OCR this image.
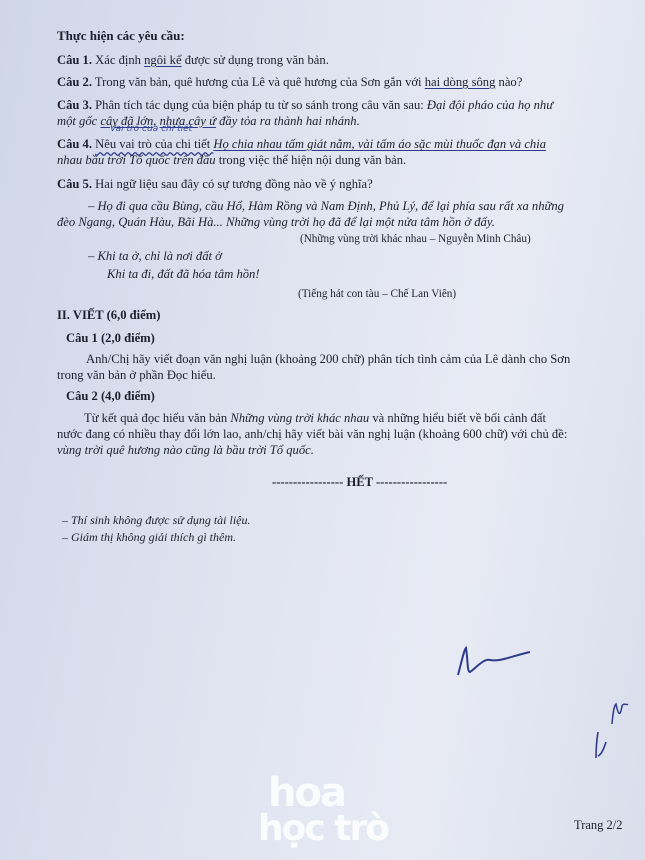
Thực hiện các yêu cầu:
Câu 1. Xác định ngôi kể được sử dụng trong văn bản.
Câu 2. Trong văn bản, quê hương của Lê và quê hương của Sơn gắn với hai dòng sông nào?
Câu 3. Phân tích tác dụng của biện pháp tu từ so sánh trong câu văn sau: Đại đội pháo của họ như
một gốc cây đã lớn, nhựa cây ứ đầy tỏa ra thành hai nhánh.
Vai trò của chi tiết
Câu 4. Nêu vai trò của chi tiết Họ chia nhau tấm giát nằm, vài tấm áo sặc mùi thuốc đạn và chia
nhau bầu trời Tổ quốc trên đầu trong việc thể hiện nội dung văn bản.
Câu 5. Hai ngữ liệu sau đây có sự tương đồng nào về ý nghĩa?
– Họ đi qua cầu Bùng, cầu Hổ, Hàm Rồng và Nam Định, Phủ Lý, để lại phía sau rất xa những
đèo Ngang, Quán Hàu, Bãi Hà... Những vùng trời họ đã để lại một nửa tâm hồn ở đấy.
(Những vùng trời khác nhau – Nguyễn Minh Châu)
– Khi ta ở, chỉ là nơi đất ở
Khi ta đi, đất đã hóa tâm hồn!
(Tiếng hát con tàu – Chế Lan Viên)
II. VIẾT (6,0 điểm)
Câu 1 (2,0 điểm)
Anh/Chị hãy viết đoạn văn nghị luận (khoảng 200 chữ) phân tích tình cảm của Lê dành cho Sơn
trong văn bản ở phần Đọc hiểu.
Câu 2 (4,0 điểm)
Từ kết quả đọc hiểu văn bản Những vùng trời khác nhau và những hiểu biết về bối cảnh đất
nước đang có nhiều thay đổi lớn lao, anh/chị hãy viết bài văn nghị luận (khoảng 600 chữ) với chủ đề:
vùng trời quê hương nào cũng là bầu trời Tổ quốc.
----------------- HẾT -----------------
– Thí sinh không được sử dụng tài liệu.
– Giám thị không giải thích gì thêm.
hoa
học trò	Trang 2/2
